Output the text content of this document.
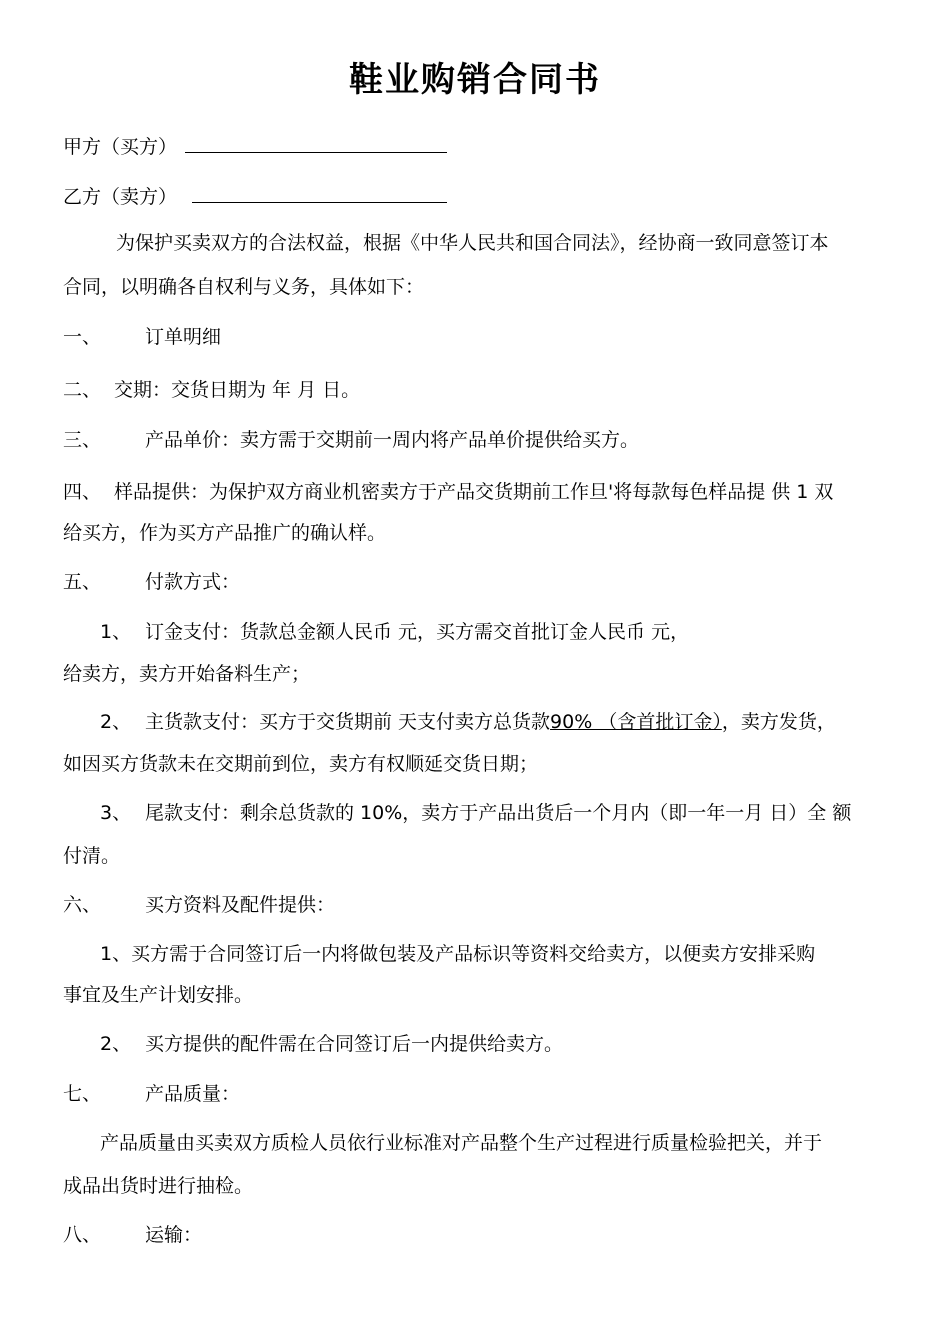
鞋业购销合同书
甲方（买方）
乙方（卖方）
为保护买卖双方的合法权益，根据《中华人民共和国合同法》，经协商一致同意签订本
合同，以明确各自权利与义务，具体如下：
一、 订单明细
二、 交期：交货日期为 年 月 日。
三、 产品单价：卖方需于交期前一周内将产品单价提供给买方。
四、 样品提供：为保护双方商业机密卖方于产品交货期前工作旦'将每款每色样品提 供 1 双
给买方，作为买方产品推广的确认样。
五、 付款方式：
1、 订金支付：货款总金额人民币 元，买方需交首批订金人民币 元，
给卖方，卖方开始备料生产；
2、 主货款支付：买方于交货期前 天支付卖方总货款90% （含首批订金），卖方发货，
如因买方货款未在交期前到位，卖方有权顺延交货日期；
3、 尾款支付：剩余总货款的 10%，卖方于产品出货后一个月内（即一年一月 日）全 额
付清。
六、 买方资料及配件提供：
1、买方需于合同签订后一内将做包装及产品标识等资料交给卖方，以便卖方安排采购
事宜及生产计划安排。
2、 买方提供的配件需在合同签订后一内提供给卖方。
七、 产品质量：
产品质量由买卖双方质检人员依行业标准对产品整个生产过程进行质量检验把关，并于
成品出货时进行抽检。
八、 运输：
